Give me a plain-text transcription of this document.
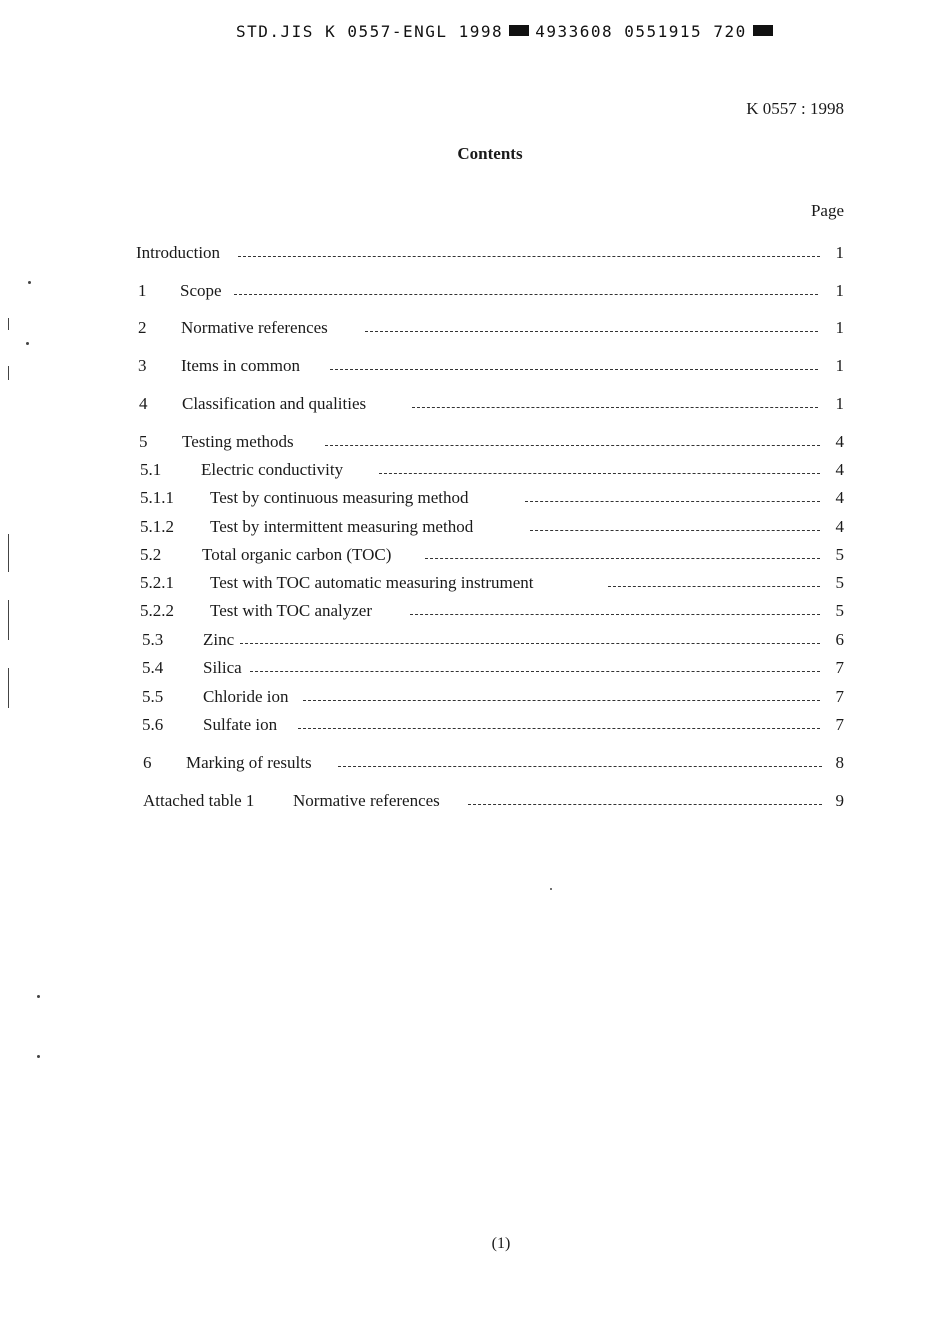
STD.JIS K 0557-ENGL 1998 4933608 0551915 720
K 0557 : 1998
Contents
Page
Introduction	1
1 Scope	1
2 Normative references	1
3 Items in common	1
4 Classification and qualities	1
5 Testing methods	4
5.1 Electric conductivity	4
5.1.1 Test by continuous measuring method	4
5.1.2 Test by intermittent measuring method	4
5.2 Total organic carbon (TOC)	5
5.2.1 Test with TOC automatic measuring instrument	5
5.2.2 Test with TOC analyzer	5
5.3 Zinc	6
5.4 Silica	7
5.5 Chloride ion	7
5.6 Sulfate ion	7
6 Marking of results	8
Attached table 1 Normative references	9
(1)
